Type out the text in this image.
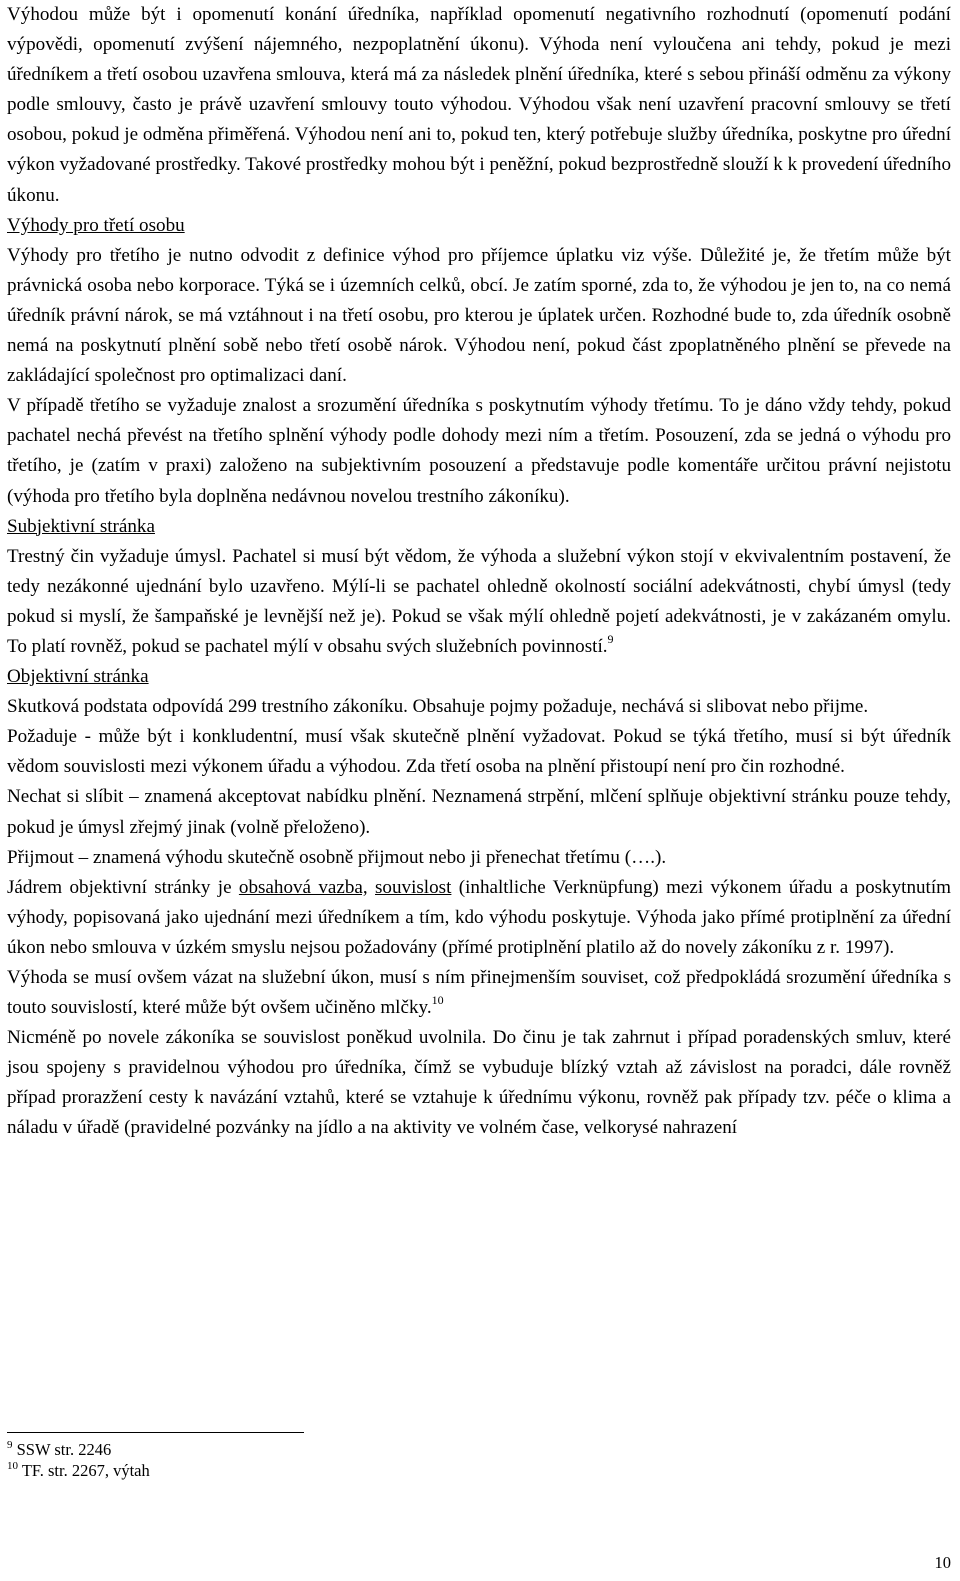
Výhodou může být i opomenutí konání úředníka, například opomenutí negativního rozhodnutí (opomenutí podání výpovědi, opomenutí zvýšení nájemného, nezpoplatnění úkonu). Výhoda není vyloučena ani tehdy, pokud je mezi úředníkem a třetí osobou uzavřena smlouva, která má za následek plnění úředníka, které s sebou přináší odměnu za výkony podle smlouvy, často je právě uzavření smlouvy touto výhodou. Výhodou však není uzavření pracovní smlouvy se třetí osobou, pokud je odměna přiměřená. Výhodou není ani to, pokud ten, který potřebuje služby úředníka, poskytne pro úřední výkon vyžadované prostředky. Takové prostředky mohou být i peněžní, pokud bezprostředně slouží k k provedení úředního úkonu.

Výhody pro třetí osobu

Výhody pro třetího je nutno odvodit z definice výhod pro příjemce úplatku viz výše. Důležité je, že třetím může být právnická osoba nebo korporace. Týká se i územních celků, obcí. Je zatím sporné, zda to, že výhodou je jen to, na co nemá úředník právní nárok, se má vztáhnout i na třetí osobu, pro kterou je úplatek určen. Rozhodné bude to, zda úředník osobně nemá na poskytnutí plnění sobě nebo třetí osobě nárok. Výhodou není, pokud část zpoplatněného plnění se převede na zakládající společnost pro optimalizaci daní.

V případě třetího se vyžaduje znalost a srozumění úředníka s poskytnutím výhody třetímu. To je dáno vždy tehdy, pokud pachatel nechá převést na třetího splnění výhody podle dohody mezi ním a třetím. Posouzení, zda se jedná o výhodu pro třetího, je (zatím v praxi) založeno na subjektivním posouzení a představuje podle komentáře určitou právní nejistotu (výhoda pro třetího byla doplněna nedávnou novelou trestního zákoníku).

Subjektivní stránka

Trestný čin vyžaduje úmysl. Pachatel si musí být vědom, že výhoda a služební výkon stojí v ekvivalentním postavení, že tedy nezákonné ujednání bylo uzavřeno. Mýlí-li se pachatel ohledně okolností sociální adekvátnosti, chybí úmysl (tedy pokud si myslí, že šampaňské je levnější než je). Pokud se však mýlí ohledně pojetí adekvátnosti, je v zakázaném omylu. To platí rovněž, pokud se pachatel mýlí v obsahu svých služebních povinností.$^9$

Objektivní stránka

Skutková podstata odpovídá 299 trestního zákoníku. Obsahuje pojmy požaduje, nechává si slibovat nebo přijme.

Požaduje - může být i konkludentní, musí však skutečně plnění vyžadovat. Pokud se týká třetího, musí si být úředník vědom souvislosti mezi výkonem úřadu a výhodou. Zda třetí osoba na plnění přistoupí není pro čin rozhodné.

Nechat si slíbit – znamená akceptovat nabídku plnění. Neznamená strpění, mlčení splňuje objektivní stránku pouze tehdy, pokud je úmysl zřejmý jinak (volně přeloženo).

Přijmout – znamená výhodu skutečně osobně přijmout nebo ji přenechat třetímu (….).

Jádrem objektivní stránky je obsahová vazba, souvislost (inhaltliche Verknüpfung) mezi výkonem úřadu a poskytnutím výhody, popisovaná jako ujednání mezi úředníkem a tím, kdo výhodu poskytuje. Výhoda jako přímé protiplnění za úřední úkon nebo smlouva v úzkém smyslu nejsou požadovány (přímé protiplnění platilo až do novely zákoníku z r. 1997).

Výhoda se musí ovšem vázat na služební úkon, musí s ním přinejmenším souviset, což předpokládá srozumění úředníka s touto souvislostí, které může být ovšem učiněno mlčky.$^{10}$

Nicméně po novele zákoníka se souvislost poněkud uvolnila. Do činu je tak zahrnut i případ poradenských smluv, které jsou spojeny s pravidelnou výhodou pro úředníka, čímž se vybuduje blízký vztah až závislost na poradci, dále rovněž případ prorazžení cesty k navázání vztahů, které se vztahuje k úřednímu výkonu, rovněž pak případy tzv. péče o klima a náladu v úřadě (pravidelné pozvánky na jídlo a na aktivity ve volném čase, velkorysé nahrazení

$^9$ SSW str. 2246
$^{10}$ TF. str. 2267, výtah
10
